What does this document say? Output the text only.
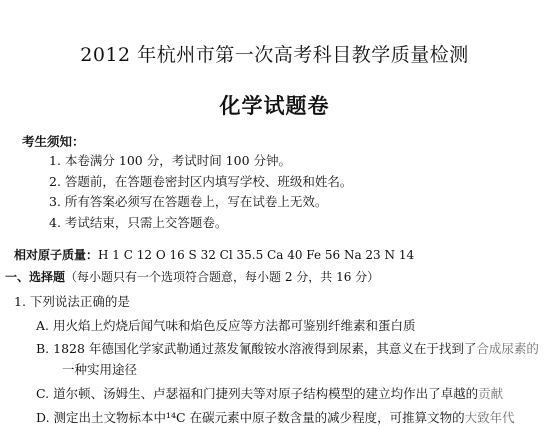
2012 年杭州市第一次高考科目教学质量检测
化学试题卷
考生须知：
1. 本卷满分 100 分，考试时间 100 分钟。
2. 答题前，在答题卷密封区内填写学校、班级和姓名。
3. 所有答案必须写在答题卷上，写在试卷上无效。
4. 考试结束，只需上交答题卷。
相对原子质量：H 1 C 12 O 16 S 32 Cl 35.5 Ca 40 Fe 56 Na 23 N 14
一、选择题（每小题只有一个选项符合题意，每小题 2 分，共 16 分）
1. 下列说法正确的是
A. 用火焰上灼烧后闻气味和焰色反应等方法都可鉴别纤维素和蛋白质
B. 1828 年德国化学家武勒通过蒸发氰酸铵水溶液得到尿素，其意义在于找到了合成尿素的
一种实用途径
C. 道尔顿、汤姆生、卢瑟福和门捷列夫等对原子结构模型的建立均作出了卓越的贡献
D. 测定出土文物标本中¹⁴C 在碳元素中原子数含量的减少程度，可推算文物的大致年代
